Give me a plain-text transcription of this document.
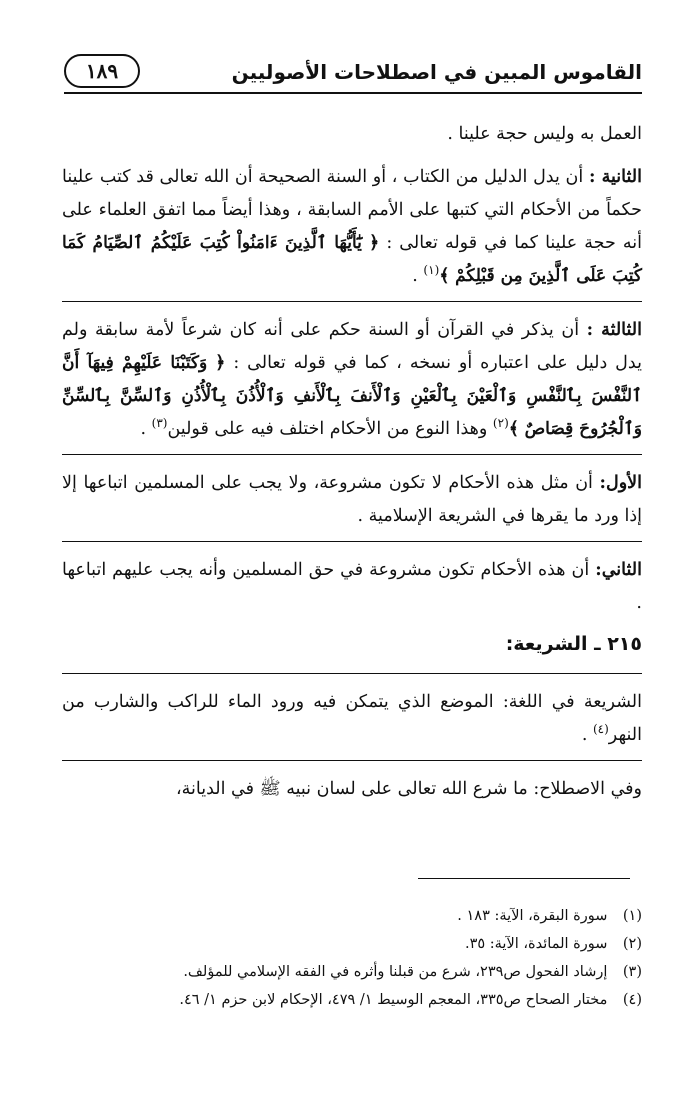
القاموس المبين في اصطلاحات الأصوليين
١٨٩

العمل به وليس حجة علينا .

الثانية : أن يدل الدليل من الكتاب ، أو السنة الصحيحة أن الله تعالى قد كتب علينا حكماً من الأحكام التي كتبها على الأمم السابقة ، وهذا أيضاً مما اتفق العلماء على أنه حجة علينا كما في قوله تعالى : ﴿ يَٰٓأَيُّهَا ٱلَّذِينَ ءَامَنُواْ كُتِبَ عَلَيْكُمُ ٱلصِّيَامُ كَمَا كُتِبَ عَلَى ٱلَّذِينَ مِن قَبْلِكُمْ ﴾$^{(١)}$ .

الثالثة : أن يذكر في القرآن أو السنة حكم على أنه كان شرعاً لأمة سابقة ولم يدل دليل على اعتباره أو نسخه ، كما في قوله تعالى : ﴿ وَكَتَبْنَا عَلَيْهِمْ فِيهَآ أَنَّ ٱلنَّفْسَ بِٱلنَّفْسِ وَٱلْعَيْنَ بِٱلْعَيْنِ وَٱلْأَنفَ بِٱلْأَنفِ وَٱلْأُذُنَ بِٱلْأُذُنِ وَٱلسِّنَّ بِٱلسِّنِّ وَٱلْجُرُوحَ قِصَاصٌ ﴾$^{(٢)}$ وهذا النوع من الأحكام اختلف فيه على قولين$^{(٣)}$ .

الأول: أن مثل هذه الأحكام لا تكون مشروعة، ولا يجب على المسلمين اتباعها إلا إذا ورد ما يقرها في الشريعة الإسلامية .

الثاني: أن هذه الأحكام تكون مشروعة في حق المسلمين وأنه يجب عليهم اتباعها .

٢١٥ ـ الشريعة:

الشريعة في اللغة: الموضع الذي يتمكن فيه ورود الماء للراكب والشارب من النهر$^{(٤)}$ .

وفي الاصطلاح: ما شرع الله تعالى على لسان نبيه ﷺ في الديانة،

(١) سورة البقرة، الآية: ١٨٣ .
(٢) سورة المائدة، الآية: ٣٥.
(٣) إرشاد الفحول ص٢٣٩، شرع من قبلنا وأثره في الفقه الإسلامي للمؤلف.
(٤) مختار الصحاح ص٣٣٥، المعجم الوسيط ١/ ٤٧٩، الإحكام لابن حزم ١/ ٤٦.
